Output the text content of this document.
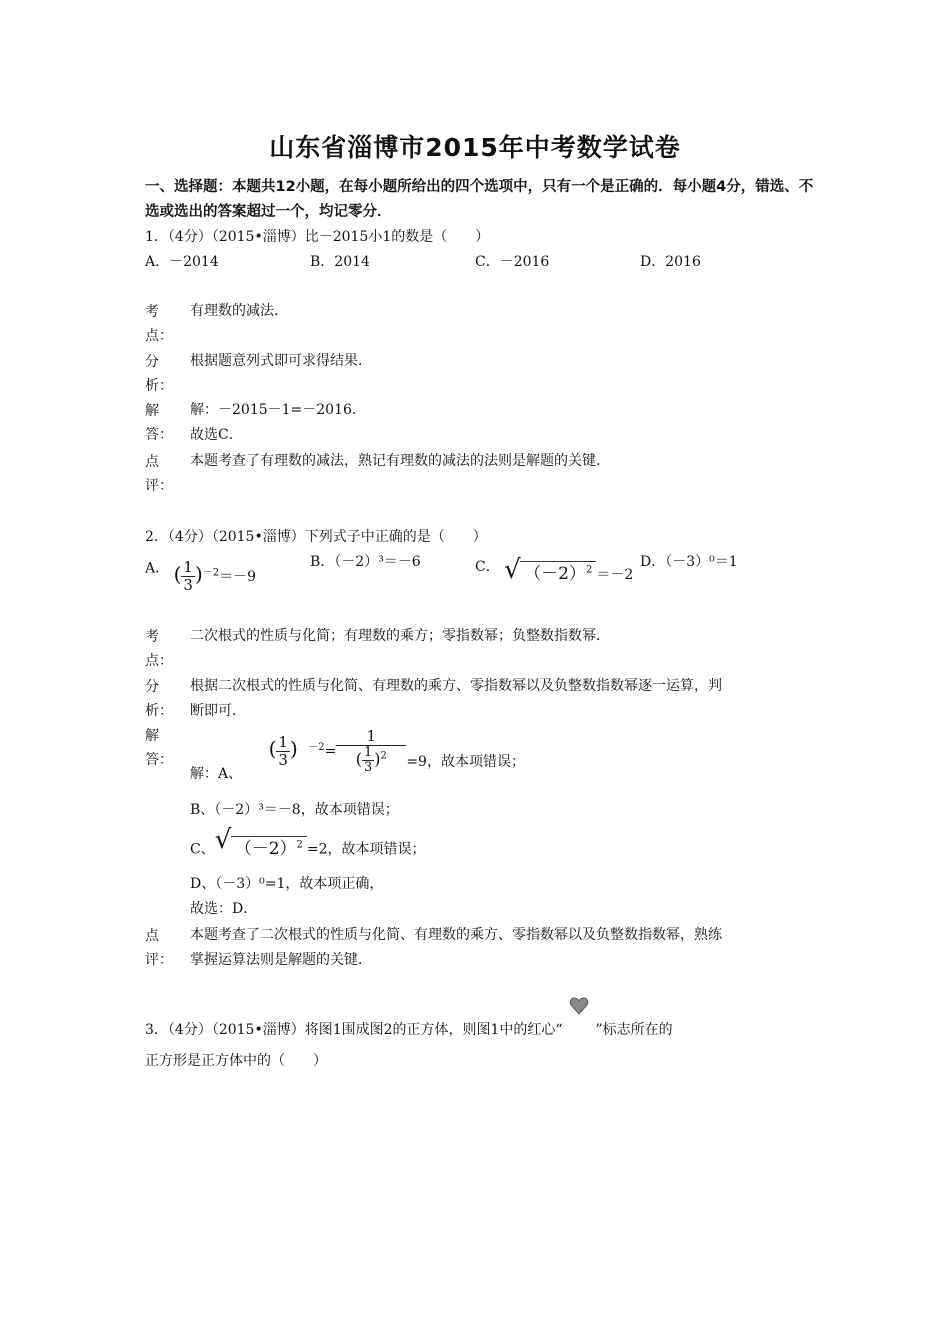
山东省淄博市2015年中考数学试卷
一、选择题：本题共12小题，在每小题所给出的四个选项中，只有一个是正确的．每小题4分，错选、不选或选出的答案超过一个，均记零分．
1．（4分）（2015•淄博）比－2015小1的数是（　　）
A．－2014	B．2014	C．－2016	D．2016
考点：
有理数的减法．
分析：
根据题意列式即可求得结果．
解答：
解：－2015－1=－2016．
故选C．
点评：
本题考查了有理数的减法，熟记有理数的减法的法则是解题的关键．
2．（4分）（2015•淄博）下列式子中正确的是（　　）
A． ( $\frac{1}{3} )^{-2}=-9$
B．（－2）³＝－6	C． √ $(-2)^2 =-2$
D．（－3）⁰＝1
考点：
二次根式的性质与化简；有理数的乘方；零指数幂；负整数指数幂．
分析：
根据二次根式的性质与化简、有理数的乘方、零指数幂以及负整数指数幂逐一运算，判
断即可．
解答：
解：A、 ( $\frac{1}{3}$ ) $^{-2}= \frac{1}{( \frac{1}{3} )^2} =9$，故本项错误；
B、（－2）³＝－8，故本项错误；
C、 √ $(-2)^2 =2$，故本项错误；
D、（－3）⁰=1，故本项正确，
故选：D．
点评：
本题考查了二次根式的性质与化简、有理数的乘方、零指数幂以及负整数指数幂，熟练
掌握运算法则是解题的关键．
3．（4分）（2015•淄博）将图1围成图2的正方体，则图1中的红心“ ”标志所在的
正方形是正方体中的（　　）
